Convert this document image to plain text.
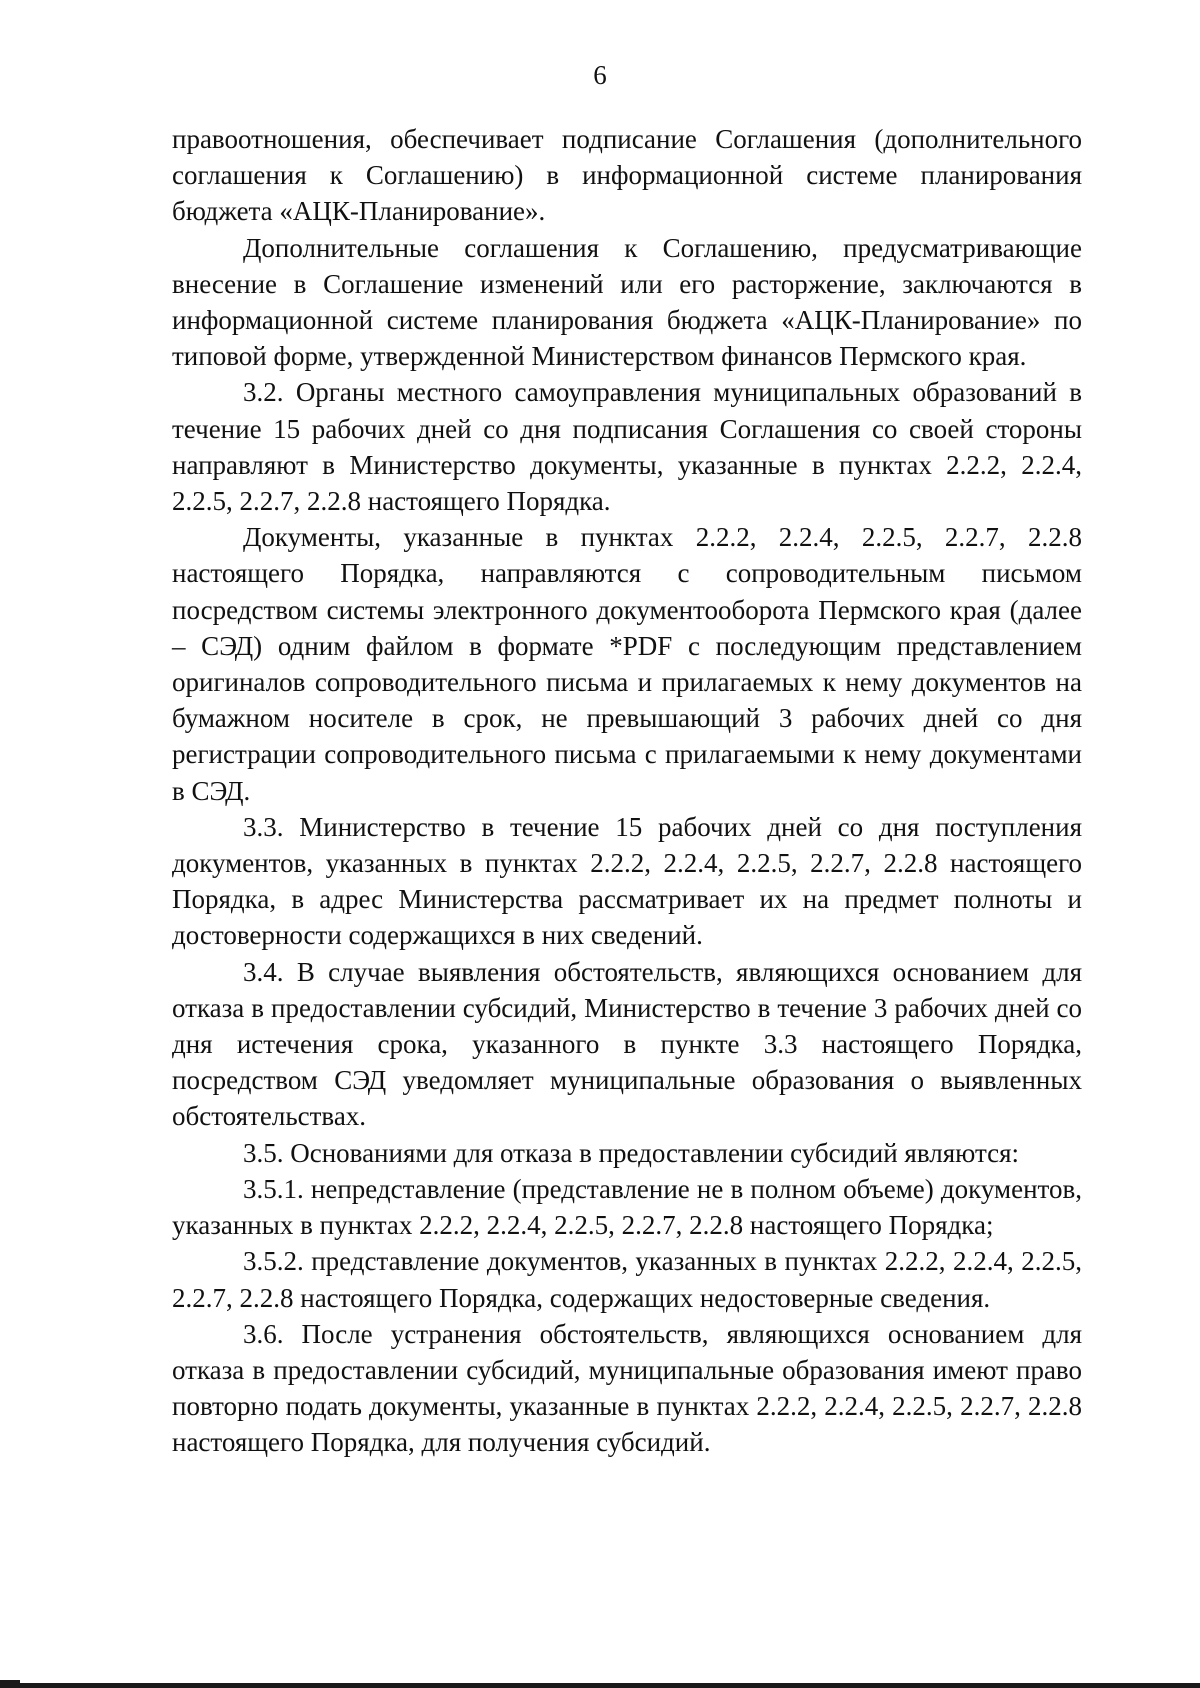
6

правоотношения, обеспечивает подписание Соглашения (дополнительного соглашения к Соглашению) в информационной системе планирования бюджета «АЦК-Планирование».

Дополнительные соглашения к Соглашению, предусматривающие внесение в Соглашение изменений или его расторжение, заключаются в информационной системе планирования бюджета «АЦК-Планирование» по типовой форме, утвержденной Министерством финансов Пермского края.

3.2. Органы местного самоуправления муниципальных образований в течение 15 рабочих дней со дня подписания Соглашения со своей стороны направляют в Министерство документы, указанные в пунктах 2.2.2, 2.2.4, 2.2.5, 2.2.7, 2.2.8 настоящего Порядка.

Документы, указанные в пунктах 2.2.2, 2.2.4, 2.2.5, 2.2.7, 2.2.8 настоящего Порядка, направляются с сопроводительным письмом посредством системы электронного документооборота Пермского края (далее – СЭД) одним файлом в формате *PDF с последующим представлением оригиналов сопроводительного письма и прилагаемых к нему документов на бумажном носителе в срок, не превышающий 3 рабочих дней со дня регистрации сопроводительного письма с прилагаемыми к нему документами в СЭД.

3.3. Министерство в течение 15 рабочих дней со дня поступления документов, указанных в пунктах 2.2.2, 2.2.4, 2.2.5, 2.2.7, 2.2.8 настоящего Порядка, в адрес Министерства рассматривает их на предмет полноты и достоверности содержащихся в них сведений.

3.4. В случае выявления обстоятельств, являющихся основанием для отказа в предоставлении субсидий, Министерство в течение 3 рабочих дней со дня истечения срока, указанного в пункте 3.3 настоящего Порядка, посредством СЭД уведомляет муниципальные образования о выявленных обстоятельствах.

3.5. Основаниями для отказа в предоставлении субсидий являются:

3.5.1. непредставление (представление не в полном объеме) документов, указанных в пунктах 2.2.2, 2.2.4, 2.2.5, 2.2.7, 2.2.8 настоящего Порядка;

3.5.2. представление документов, указанных в пунктах 2.2.2, 2.2.4, 2.2.5, 2.2.7, 2.2.8 настоящего Порядка, содержащих недостоверные сведения.

3.6. После устранения обстоятельств, являющихся основанием для отказа в предоставлении субсидий, муниципальные образования имеют право повторно подать документы, указанные в пунктах 2.2.2, 2.2.4, 2.2.5, 2.2.7, 2.2.8 настоящего Порядка, для получения субсидий.
